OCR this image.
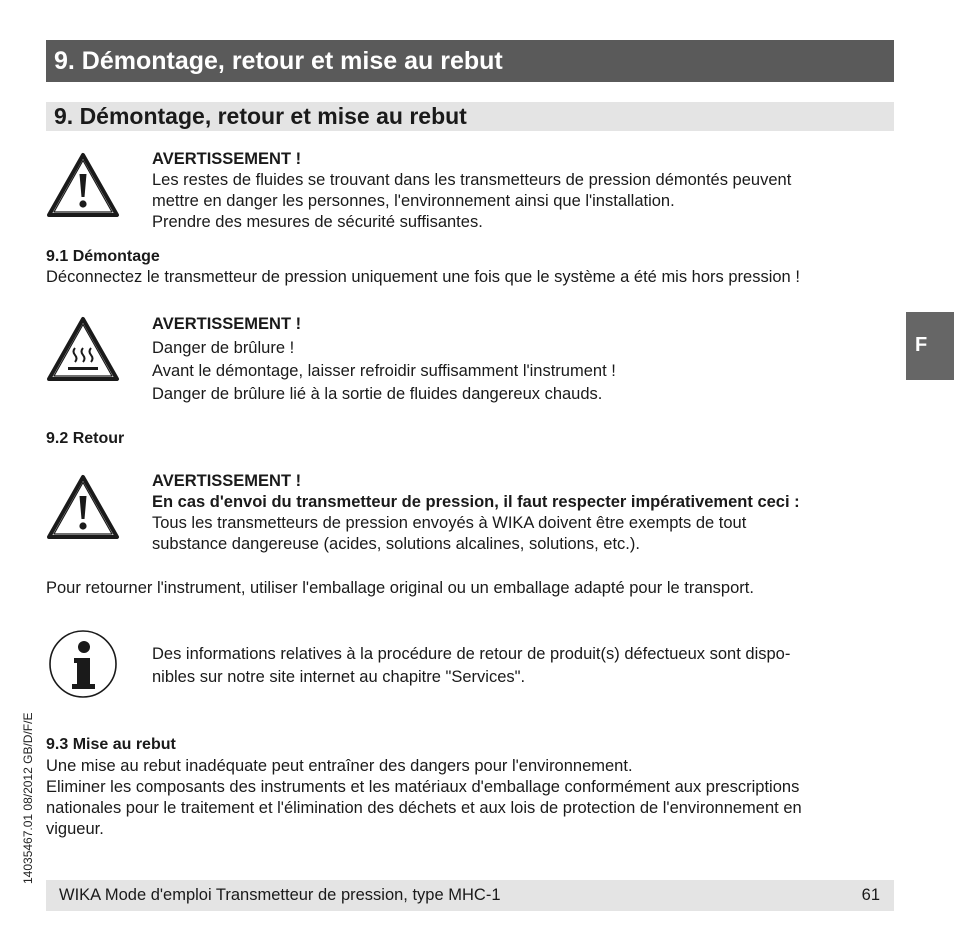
9. Démontage, retour et mise au rebut
9. Démontage, retour et mise au rebut
AVERTISSEMENT !
Les restes de fluides se trouvant dans les transmetteurs de pression démontés peuvent
mettre en danger les personnes, l'environnement ainsi que l'installation.
Prendre des mesures de sécurité suffisantes.
9.1 Démontage
Déconnectez le transmetteur de pression uniquement une fois que le système a été mis hors pression !
AVERTISSEMENT !
Danger de brûlure !
Avant le démontage, laisser refroidir suffisamment l'instrument !
Danger de brûlure lié à la sortie de fluides dangereux chauds.
9.2 Retour
AVERTISSEMENT !
En cas d'envoi du transmetteur de pression, il faut respecter impérativement ceci :
Tous les transmetteurs de pression envoyés à WIKA doivent être exempts de tout
substance dangereuse (acides, solutions alcalines, solutions, etc.).
Pour retourner l'instrument, utiliser l'emballage original ou un emballage adapté pour le transport.
Des informations relatives à la procédure de retour de produit(s) défectueux sont dispo-
nibles sur notre site internet au chapitre "Services".
9.3 Mise au rebut
Une mise au rebut inadéquate peut entraîner des dangers pour l'environnement.
Eliminer les composants des instruments et les matériaux d'emballage conformément aux prescriptions
nationales pour le traitement et l'élimination des déchets et aux lois de protection de l'environnement en
vigueur.
F
14035467.01 08/2012 GB/D/F/E
WIKA Mode d'emploi Transmetteur de pression, type MHC-1	61
